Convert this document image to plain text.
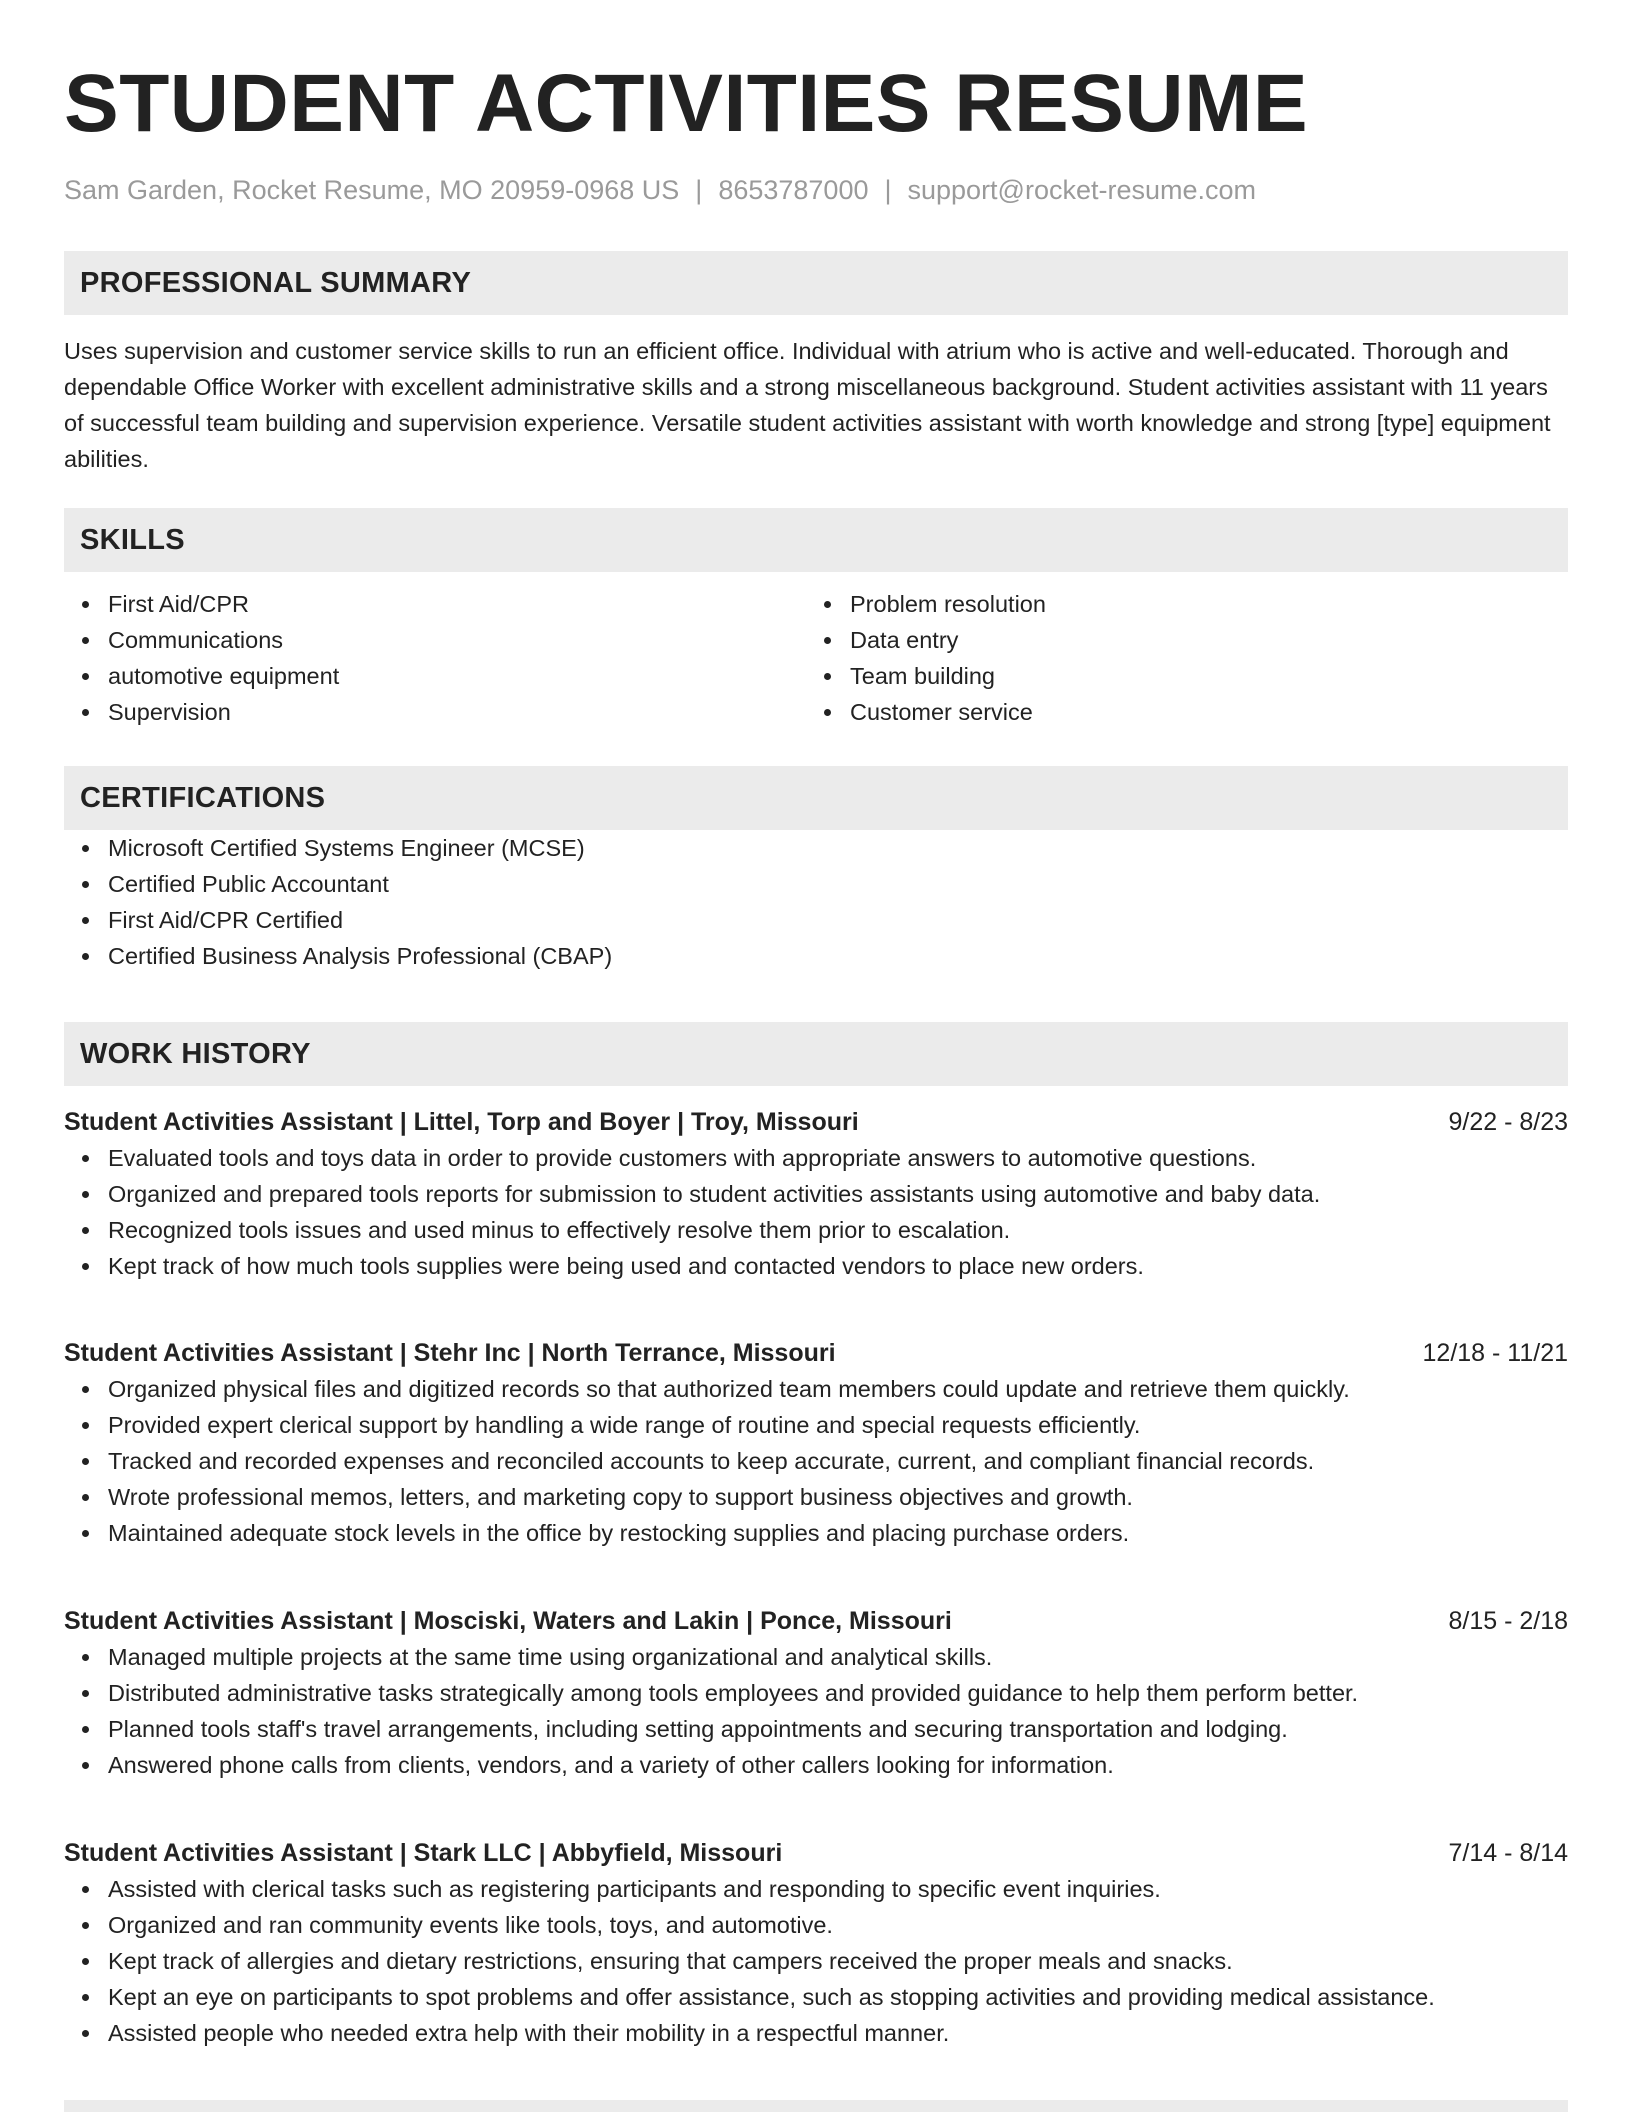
STUDENT ACTIVITIES RESUME
Sam Garden, Rocket Resume, MO 20959-0968 US | 8653787000 | support@rocket-resume.com
PROFESSIONAL SUMMARY

Uses supervision and customer service skills to run an efficient office. Individual with atrium who is active and well-educated. Thorough and dependable Office Worker with excellent administrative skills and a strong miscellaneous background. Student activities assistant with 11 years of successful team building and supervision experience. Versatile student activities assistant with worth knowledge and strong [type] equipment abilities.

SKILLS
First Aid/CPR
Communications
automotive equipment
Supervision
Problem resolution
Data entry
Team building
Customer service
CERTIFICATIONS
Microsoft Certified Systems Engineer (MCSE)
Certified Public Accountant
First Aid/CPR Certified
Certified Business Analysis Professional (CBAP)
WORK HISTORY
Student Activities Assistant | Littel, Torp and Boyer | Troy, Missouri	9/22 - 8/23
Evaluated tools and toys data in order to provide customers with appropriate answers to automotive questions.
Organized and prepared tools reports for submission to student activities assistants using automotive and baby data.
Recognized tools issues and used minus to effectively resolve them prior to escalation.
Kept track of how much tools supplies were being used and contacted vendors to place new orders.
Student Activities Assistant | Stehr Inc | North Terrance, Missouri	12/18 - 11/21
Organized physical files and digitized records so that authorized team members could update and retrieve them quickly.
Provided expert clerical support by handling a wide range of routine and special requests efficiently.
Tracked and recorded expenses and reconciled accounts to keep accurate, current, and compliant financial records.
Wrote professional memos, letters, and marketing copy to support business objectives and growth.
Maintained adequate stock levels in the office by restocking supplies and placing purchase orders.
Student Activities Assistant | Mosciski, Waters and Lakin | Ponce, Missouri	8/15 - 2/18
Managed multiple projects at the same time using organizational and analytical skills.
Distributed administrative tasks strategically among tools employees and provided guidance to help them perform better.
Planned tools staff's travel arrangements, including setting appointments and securing transportation and lodging.
Answered phone calls from clients, vendors, and a variety of other callers looking for information.
Student Activities Assistant | Stark LLC | Abbyfield, Missouri	7/14 - 8/14
Assisted with clerical tasks such as registering participants and responding to specific event inquiries.
Organized and ran community events like tools, toys, and automotive.
Kept track of allergies and dietary restrictions, ensuring that campers received the proper meals and snacks.
Kept an eye on participants to spot problems and offer assistance, such as stopping activities and providing medical assistance.
Assisted people who needed extra help with their mobility in a respectful manner.
